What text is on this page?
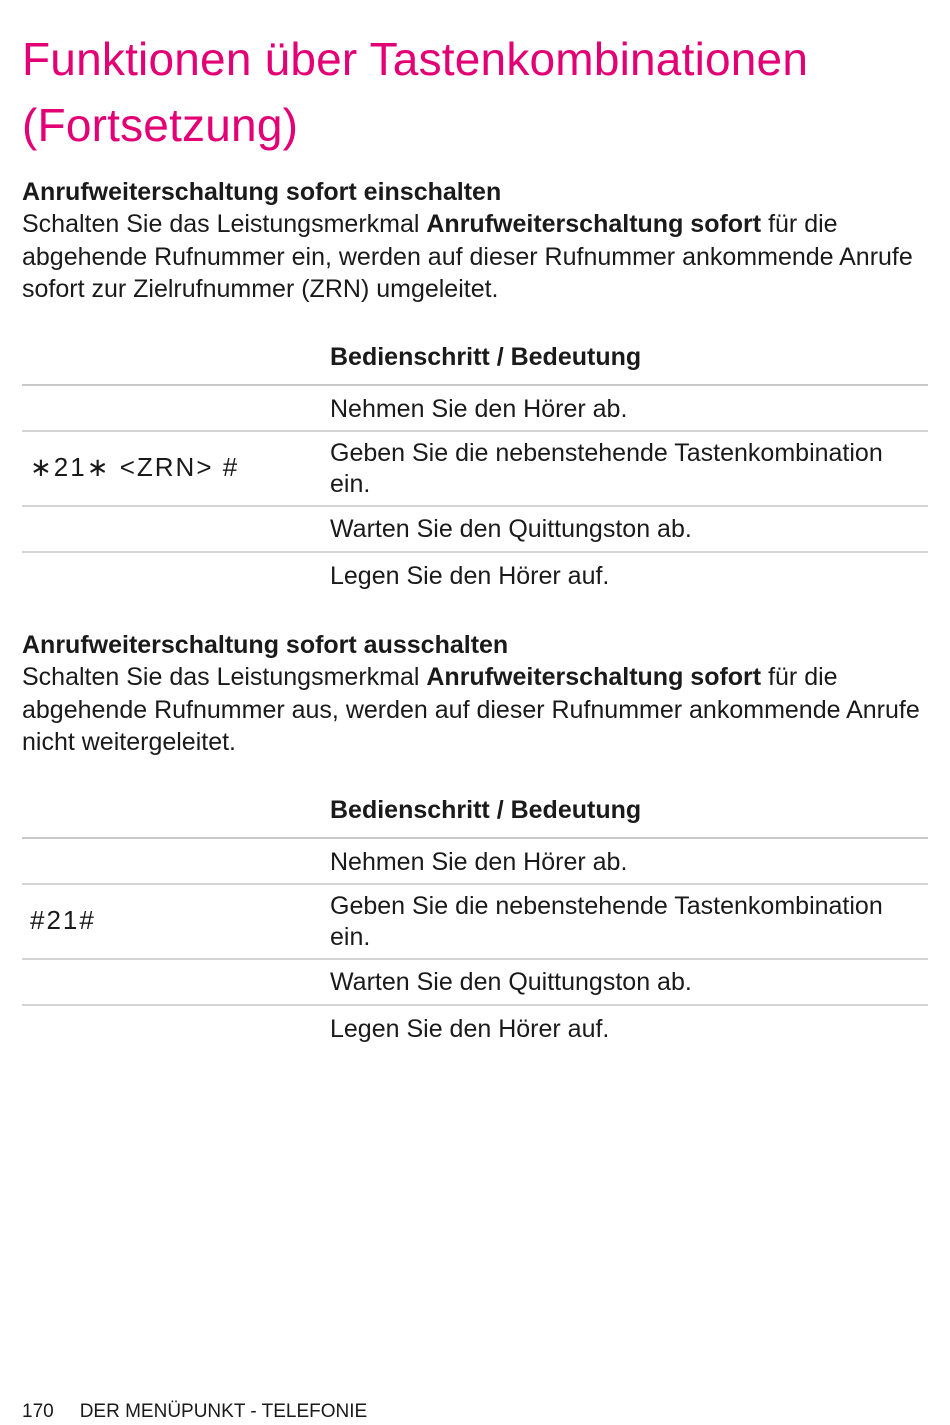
Funktionen über Tastenkombinationen
(Fortsetzung)

Anrufweiterschaltung sofort einschalten

Schalten Sie das Leistungsmerkmal Anrufweiterschaltung sofort für die abgehende Rufnummer ein, werden auf dieser Rufnummer ankommende Anrufe sofort zur Zielrufnummer (ZRN) umgeleitet.

Bedienschritt / Bedeutung
Nehmen Sie den Hörer ab.
∗21∗ <ZRN> #	Geben Sie die nebenstehende Tastenkombination ein.
Warten Sie den Quittungston ab.
Legen Sie den Hörer auf.

Anrufweiterschaltung sofort ausschalten

Schalten Sie das Leistungsmerkmal Anrufweiterschaltung sofort für die abgehende Rufnummer aus, werden auf dieser Rufnummer ankommende Anrufe nicht weitergeleitet.

Bedienschritt / Bedeutung
Nehmen Sie den Hörer ab.
#21#	Geben Sie die nebenstehende Tastenkombination ein.
Warten Sie den Quittungston ab.
Legen Sie den Hörer auf.
170 DER MENÜPUNKT - TELEFONIE
